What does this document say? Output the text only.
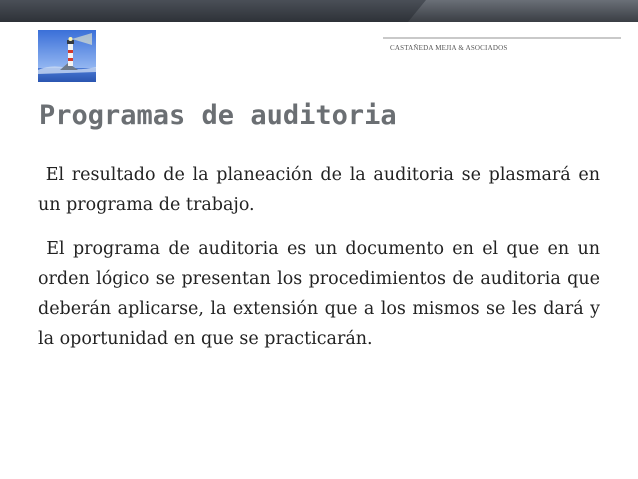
CASTAÑEDA MEJIA & ASOCIADOS
Programas de auditoria

El resultado de la planeación de la auditoria se plasmará en un programa de trabajo.

El programa de auditoria es un documento en el que en un orden lógico se presentan los procedimientos de auditoria que deberán aplicarse, la extensión que a los mismos se les dará y la oportunidad en que se practicarán.
